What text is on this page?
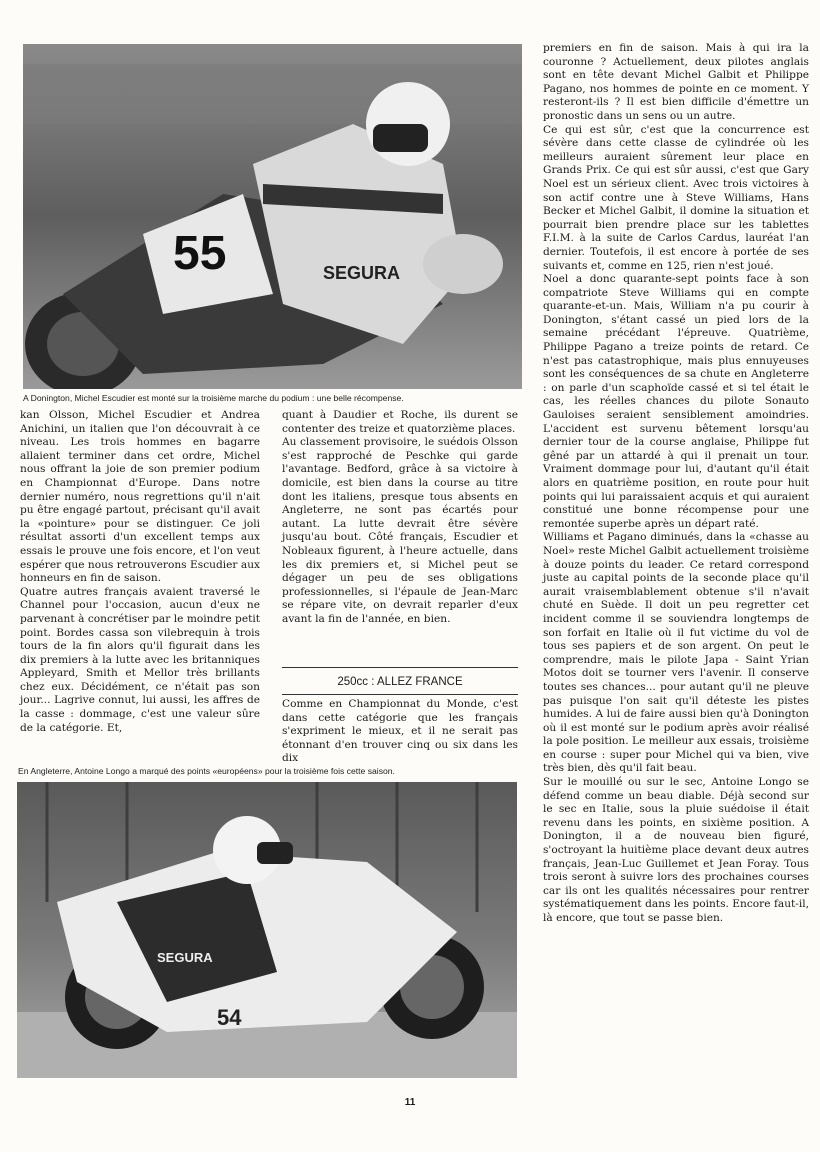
55	SEGURA
A Donington, Michel Escudier est monté sur la troisième marche du podium : une belle récompense.

kan Olsson, Michel Escudier et Andrea Anichini, un italien que l'on découvrait à ce niveau. Les trois hommes en bagarre allaient terminer dans cet ordre, Michel nous offrant la joie de son premier podium en Championnat d'Europe. Dans notre dernier numéro, nous regrettions qu'il n'ait pu être engagé partout, précisant qu'il avait la «pointure» pour se distinguer. Ce joli résultat assorti d'un excellent temps aux essais le prouve une fois encore, et l'on veut espérer que nous retrouverons Escudier aux honneurs en fin de saison.

Quatre autres français avaient traversé le Channel pour l'occasion, aucun d'eux ne parvenant à concrétiser par le moindre petit point. Bordes cassa son vilebrequin à trois tours de la fin alors qu'il figurait dans les dix premiers à la lutte avec les britanniques Appleyard, Smith et Mellor très brillants chez eux. Décidément, ce n'était pas son jour... Lagrive connut, lui aussi, les affres de la casse : dommage, c'est une valeur sûre de la catégorie. Et,

quant à Daudier et Roche, ils durent se contenter des treize et quatorzième places.

Au classement provisoire, le suédois Olsson s'est rapproché de Peschke qui garde l'avantage. Bedford, grâce à sa victoire à domicile, est bien dans la course au titre dont les italiens, presque tous absents en Angleterre, ne sont pas écartés pour autant. La lutte devrait être sévère jusqu'au bout. Côté français, Escudier et Nobleaux figurent, à l'heure actuelle, dans les dix premiers et, si Michel peut se dégager un peu de ses obligations professionnelles, si l'épaule de Jean-Marc se répare vite, on devrait reparler d'eux avant la fin de l'année, en bien.

250cc : ALLEZ FRANCE

Comme en Championnat du Monde, c'est dans cette catégorie que les français s'expriment le mieux, et il ne serait pas étonnant d'en trouver cinq ou six dans les dix

En Angleterre, Antoine Longo a marqué des points «européens» pour la troisième fois cette saison.
54
SEGURA

premiers en fin de saison. Mais à qui ira la couronne ? Actuellement, deux pilotes anglais sont en tête devant Michel Galbit et Philippe Pagano, nos hommes de pointe en ce moment. Y resteront-ils ? Il est bien difficile d'émettre un pronostic dans un sens ou un autre.

Ce qui est sûr, c'est que la concurrence est sévère dans cette classe de cylindrée où les meilleurs auraient sûrement leur place en Grands Prix. Ce qui est sûr aussi, c'est que Gary Noel est un sérieux client. Avec trois victoires à son actif contre une à Steve Williams, Hans Becker et Michel Galbit, il domine la situation et pourrait bien prendre place sur les tablettes F.I.M. à la suite de Carlos Cardus, lauréat l'an dernier. Toutefois, il est encore à portée de ses suivants et, comme en 125, rien n'est joué.

Noel a donc quarante-sept points face à son compatriote Steve Williams qui en compte quarante-et-un. Mais, William n'a pu courir à Donington, s'étant cassé un pied lors de la semaine précédant l'épreuve. Quatrième, Philippe Pagano a treize points de retard. Ce n'est pas catastrophique, mais plus ennuyeuses sont les conséquences de sa chute en Angleterre : on parle d'un scaphoïde cassé et si tel était le cas, les réelles chances du pilote Sonauto Gauloises seraient sensiblement amoindries. L'accident est survenu bêtement lorsqu'au dernier tour de la course anglaise, Philippe fut gêné par un attardé à qui il prenait un tour. Vraiment dommage pour lui, d'autant qu'il était alors en quatrième position, en route pour huit points qui lui paraissaient acquis et qui auraient constitué une bonne récompense pour une remontée superbe après un départ raté.

Williams et Pagano diminués, dans la «chasse au Noel» reste Michel Galbit actuellement troisième à douze points du leader. Ce retard correspond juste au capital points de la seconde place qu'il aurait vraisemblablement obtenue s'il n'avait chuté en Suède. Il doit un peu regretter cet incident comme il se souviendra longtemps de son forfait en Italie où il fut victime du vol de tous ses papiers et de son argent. On peut le comprendre, mais le pilote Japa - Saint Yrian Motos doit se tourner vers l'avenir. Il conserve toutes ses chances... pour autant qu'il ne pleuve pas puisque l'on sait qu'il déteste les pistes humides. A lui de faire aussi bien qu'à Donington où il est monté sur le podium après avoir réalisé la pole position. Le meilleur aux essais, troisième en course : super pour Michel qui va bien, vive très bien, dès qu'il fait beau.

Sur le mouillé ou sur le sec, Antoine Longo se défend comme un beau diable. Déjà second sur le sec en Italie, sous la pluie suédoise il était revenu dans les points, en sixième position. A Donington, il a de nouveau bien figuré, s'octroyant la huitième place devant deux autres français, Jean-Luc Guillemet et Jean Foray. Tous trois seront à suivre lors des prochaines courses car ils ont les qualités nécessaires pour rentrer systématiquement dans les points. Encore faut-il, là encore, que tout se passe bien.

11
